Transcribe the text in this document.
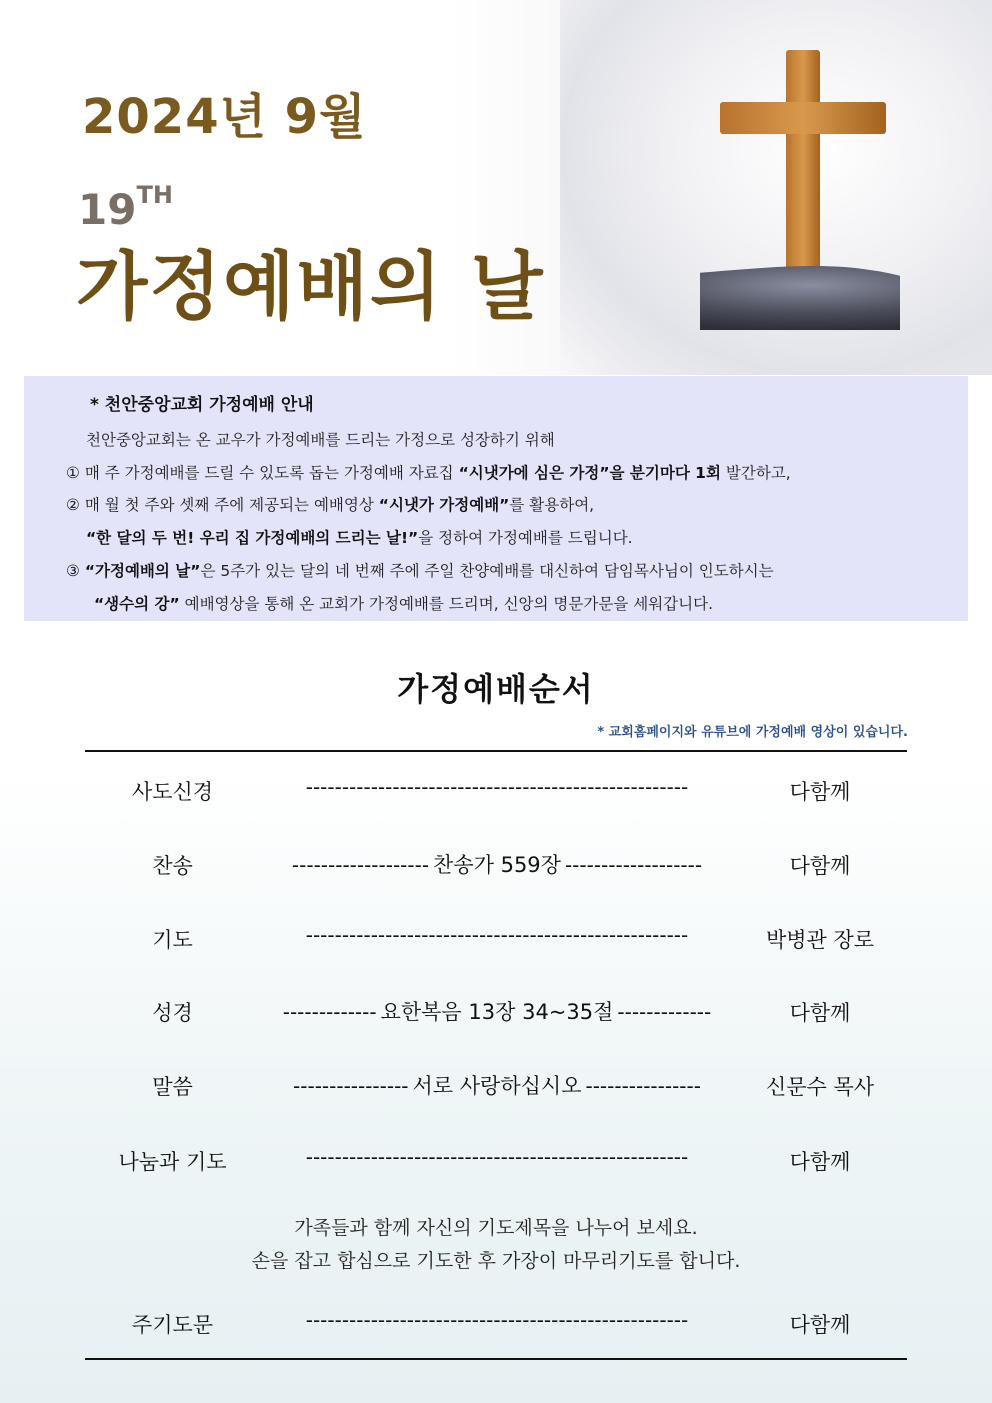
2024년 9월
19TH
가정예배의 날
* 천안중앙교회 가정예배 안내
천안중앙교회는 온 교우가 가정예배를 드리는 가정으로 성장하기 위해
① 매 주 가정예배를 드릴 수 있도록 돕는 가정예배 자료집 “시냇가에 심은 가정”을 분기마다 1회 발간하고,
② 매 월 첫 주와 셋째 주에 제공되는 예배영상 “시냇가 가정예배”를 활용하여,
“한 달의 두 번! 우리 집 가정예배의 드리는 날!”을 정하여 가정예배를 드립니다.
③ “가정예배의 날”은 5주가 있는 달의 네 번째 주에 주일 찬양예배를 대신하여 담임목사님이 인도하시는
“생수의 강” 예배영상을 통해 온 교회가 가정예배를 드리며, 신앙의 명문가문을 세워갑니다.
가정예배순서
* 교회홈페이지와 유튜브에 가정예배 영상이 있습니다.
사도신경	-----------------------------------------------------	다함께
찬송	------------------- 찬송가 559장 -------------------	다함께
기도	-----------------------------------------------------	박병관 장로
성경	------------- 요한복음 13장 34~35절 -------------	다함께
말씀	---------------- 서로 사랑하십시오 ----------------	신문수 목사
나눔과 기도	-----------------------------------------------------	다함께
가족들과 함께 자신의 기도제목을 나누어 보세요.
손을 잡고 합심으로 기도한 후 가장이 마무리기도를 합니다.
주기도문	-----------------------------------------------------	다함께
